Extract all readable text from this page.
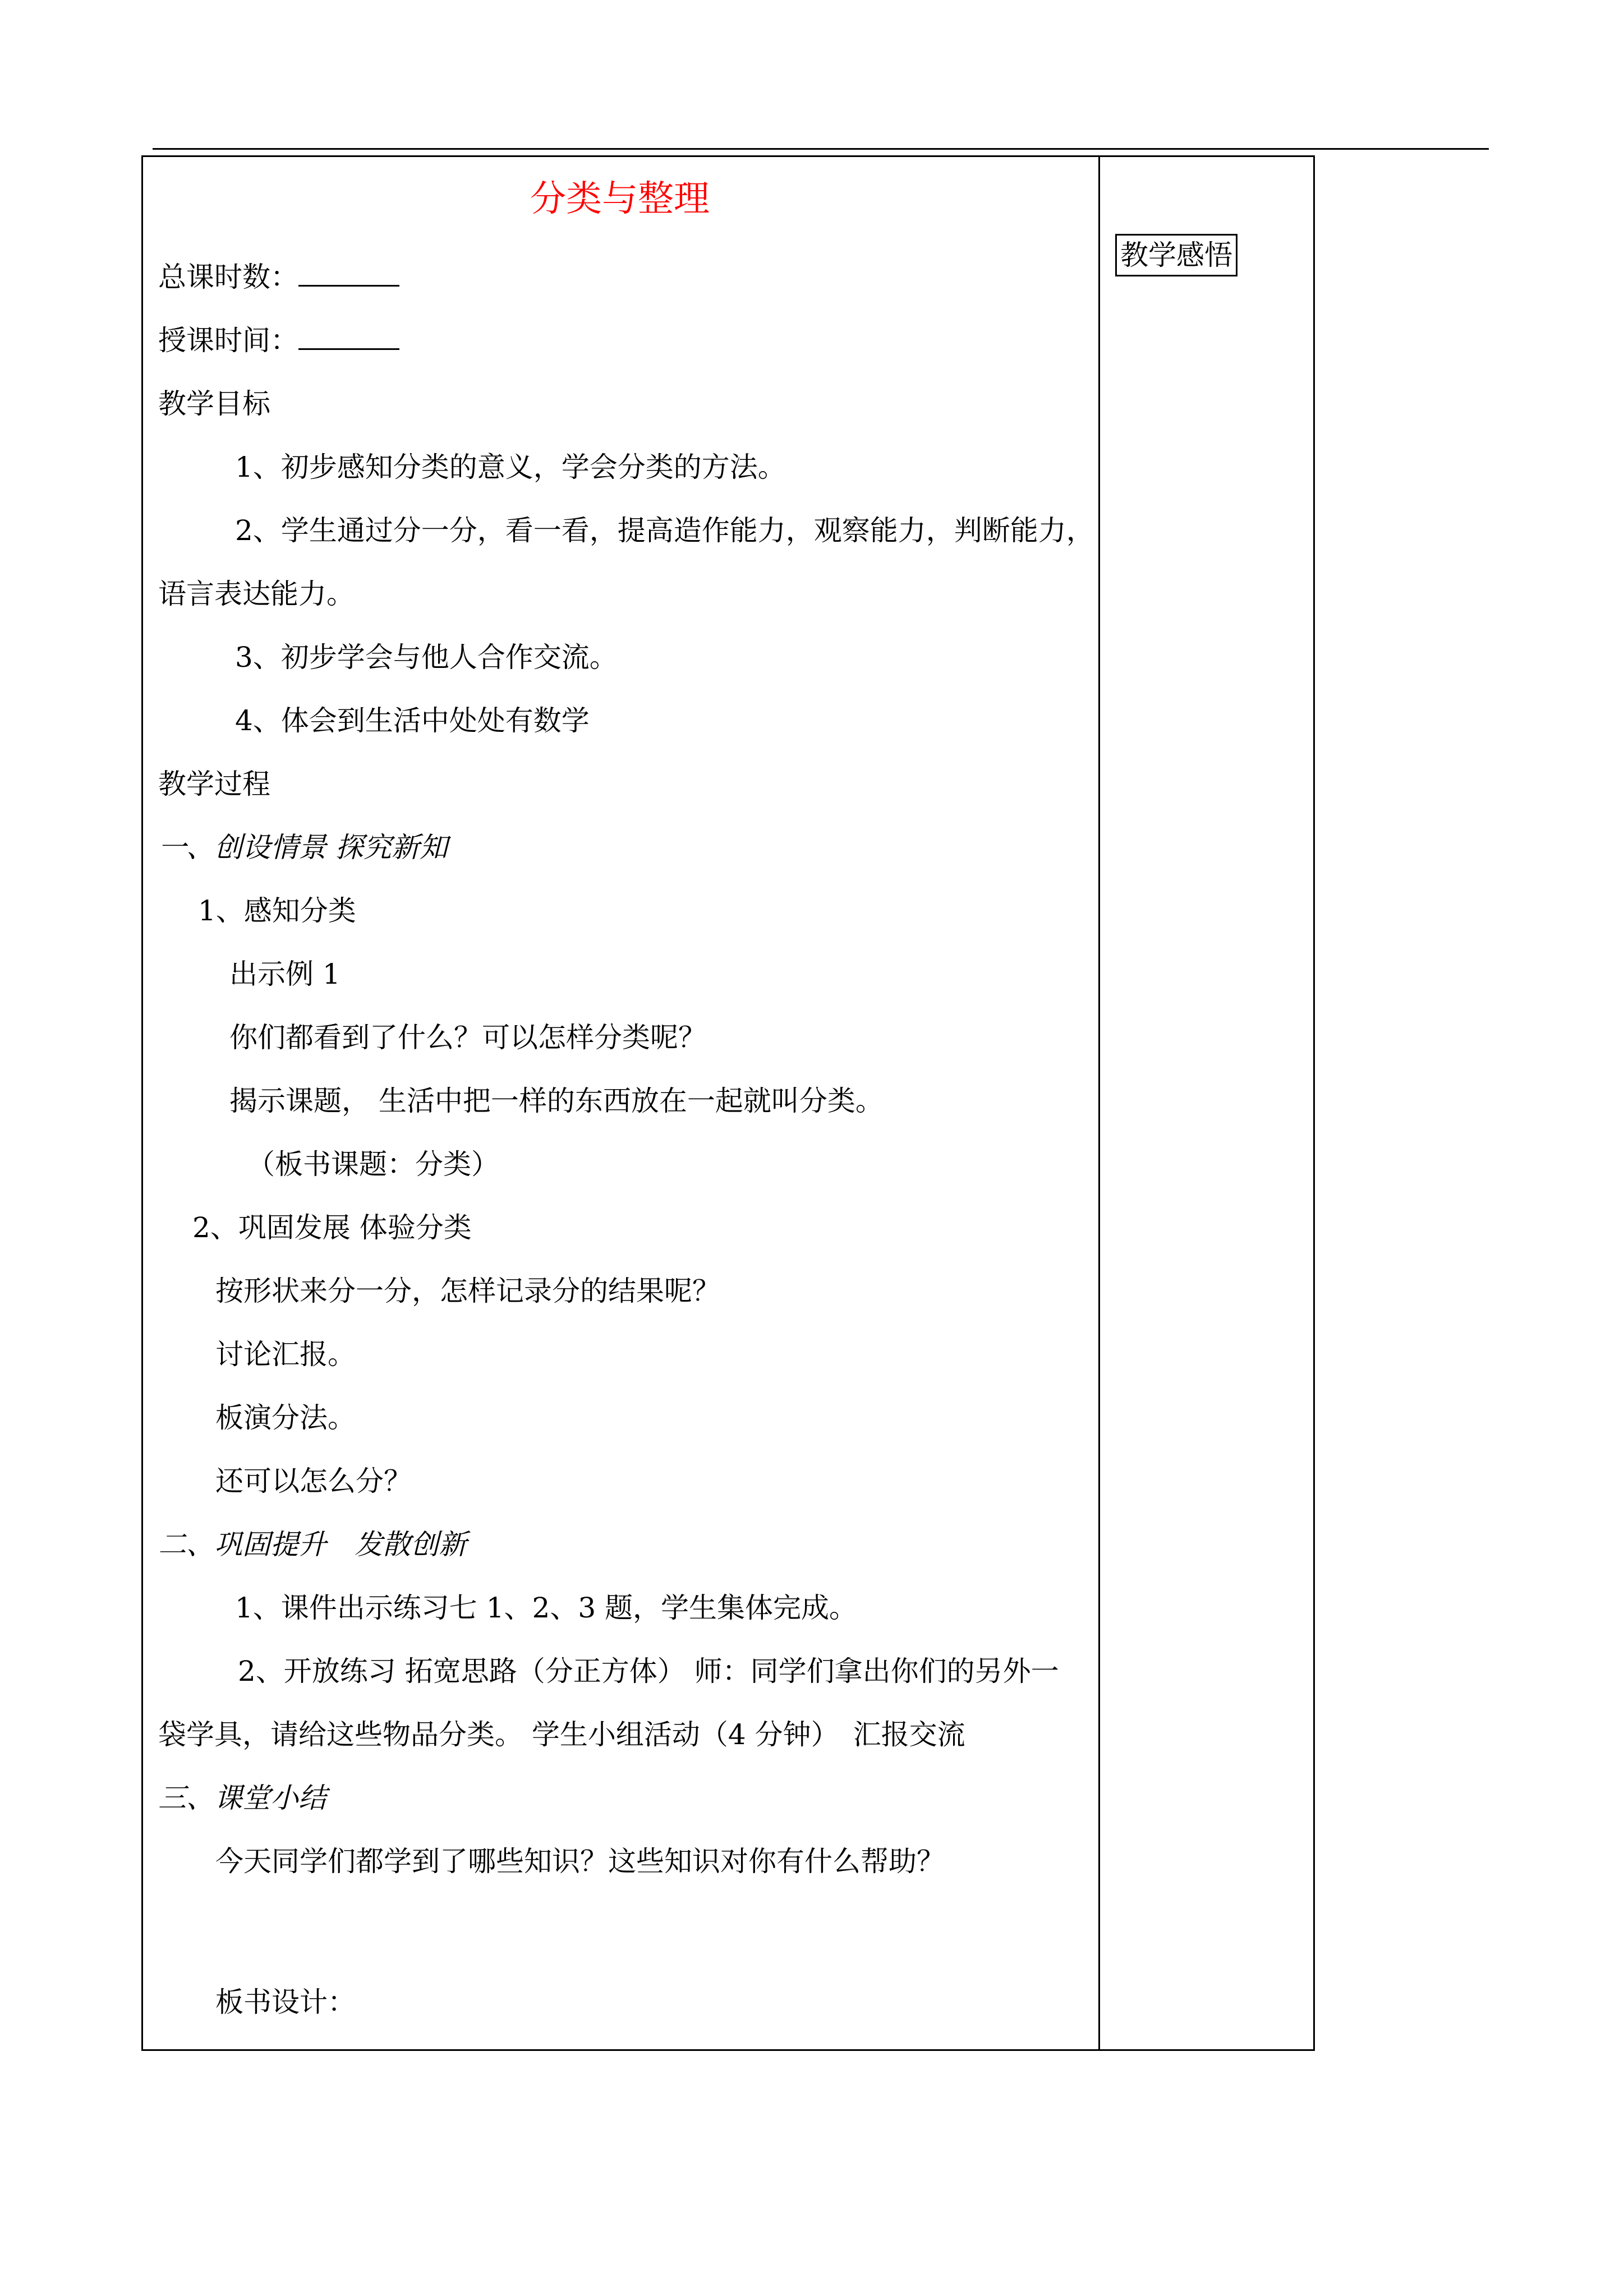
教学感悟
分类与整理
总课时数：
授课时间：
教学目标
1、初步感知分类的意义，学会分类的方法。
2、学生通过分一分，看一看，提高造作能力，观察能力，判断能力，
语言表达能力。
3、初步学会与他人合作交流。
4、体会到生活中处处有数学
教学过程
一、创设情景 探究新知
1、感知分类
出示例 1
你们都看到了什么？可以怎样分类呢？
揭示课题， 生活中把一样的东西放在一起就叫分类。
（板书课题：分类）
2、巩固发展 体验分类
按形状来分一分，怎样记录分的结果呢？
讨论汇报。
板演分法。
还可以怎么分？
二、巩固提升　发散创新
1、课件出示练习七 1、2、3 题，学生集体完成。
2、开放练习 拓宽思路（分正方体） 师：同学们拿出你们的另外一
袋学具，请给这些物品分类。 学生小组活动（4 分钟）　汇报交流
三、课堂小结
今天同学们都学到了哪些知识？这些知识对你有什么帮助？
板书设计：
